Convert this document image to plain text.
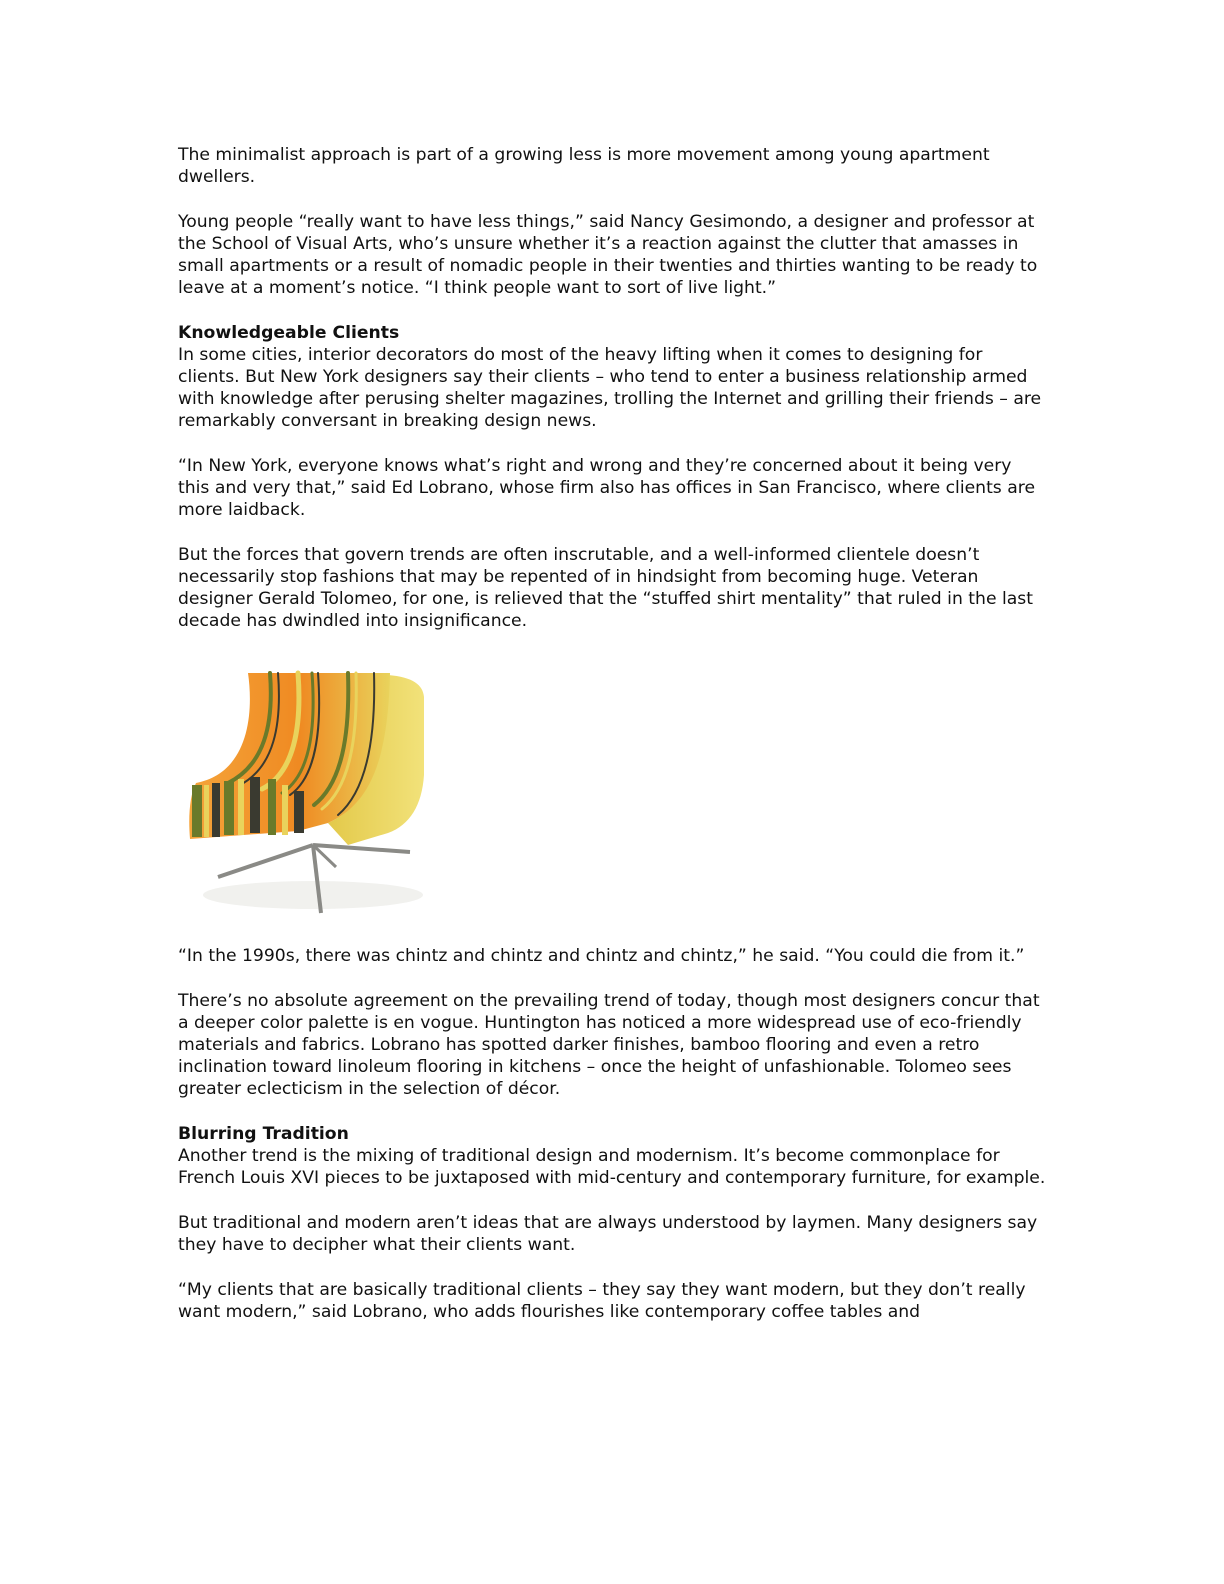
The minimalist approach is part of a growing less is more movement among young apartment dwellers.

Young people “really want to have less things,” said Nancy Gesimondo, a designer and professor at the School of Visual Arts, who’s unsure whether it’s a reaction against the clutter that amasses in small apartments or a result of nomadic people in their twenties and thirties wanting to be ready to leave at a moment’s notice. “I think people want to sort of live light.”

Knowledgeable Clients

In some cities, interior decorators do most of the heavy lifting when it comes to designing for clients. But New York designers say their clients – who tend to enter a business relationship armed with knowledge after perusing shelter magazines, trolling the Internet and grilling their friends – are remarkably conversant in breaking design news.

“In New York, everyone knows what’s right and wrong and they’re concerned about it being very this and very that,” said Ed Lobrano, whose firm also has offices in San Francisco, where clients are more laidback.

But the forces that govern trends are often inscrutable, and a well-informed clientele doesn’t necessarily stop fashions that may be repented of in hindsight from becoming huge. Veteran designer Gerald Tolomeo, for one, is relieved that the “stuffed shirt mentality” that ruled in the last decade has dwindled into insignificance.

“In the 1990s, there was chintz and chintz and chintz and chintz,” he said. “You could die from it.”

There’s no absolute agreement on the prevailing trend of today, though most designers concur that a deeper color palette is en vogue. Huntington has noticed a more widespread use of eco-friendly materials and fabrics. Lobrano has spotted darker finishes, bamboo flooring and even a retro inclination toward linoleum flooring in kitchens – once the height of unfashionable. Tolomeo sees greater eclecticism in the selection of décor.

Blurring Tradition

Another trend is the mixing of traditional design and modernism. It’s become commonplace for French Louis XVI pieces to be juxtaposed with mid-century and contemporary furniture, for example.

But traditional and modern aren’t ideas that are always understood by laymen. Many designers say they have to decipher what their clients want.

“My clients that are basically traditional clients – they say they want modern, but they don’t really want modern,” said Lobrano, who adds flourishes like contemporary coffee tables and
